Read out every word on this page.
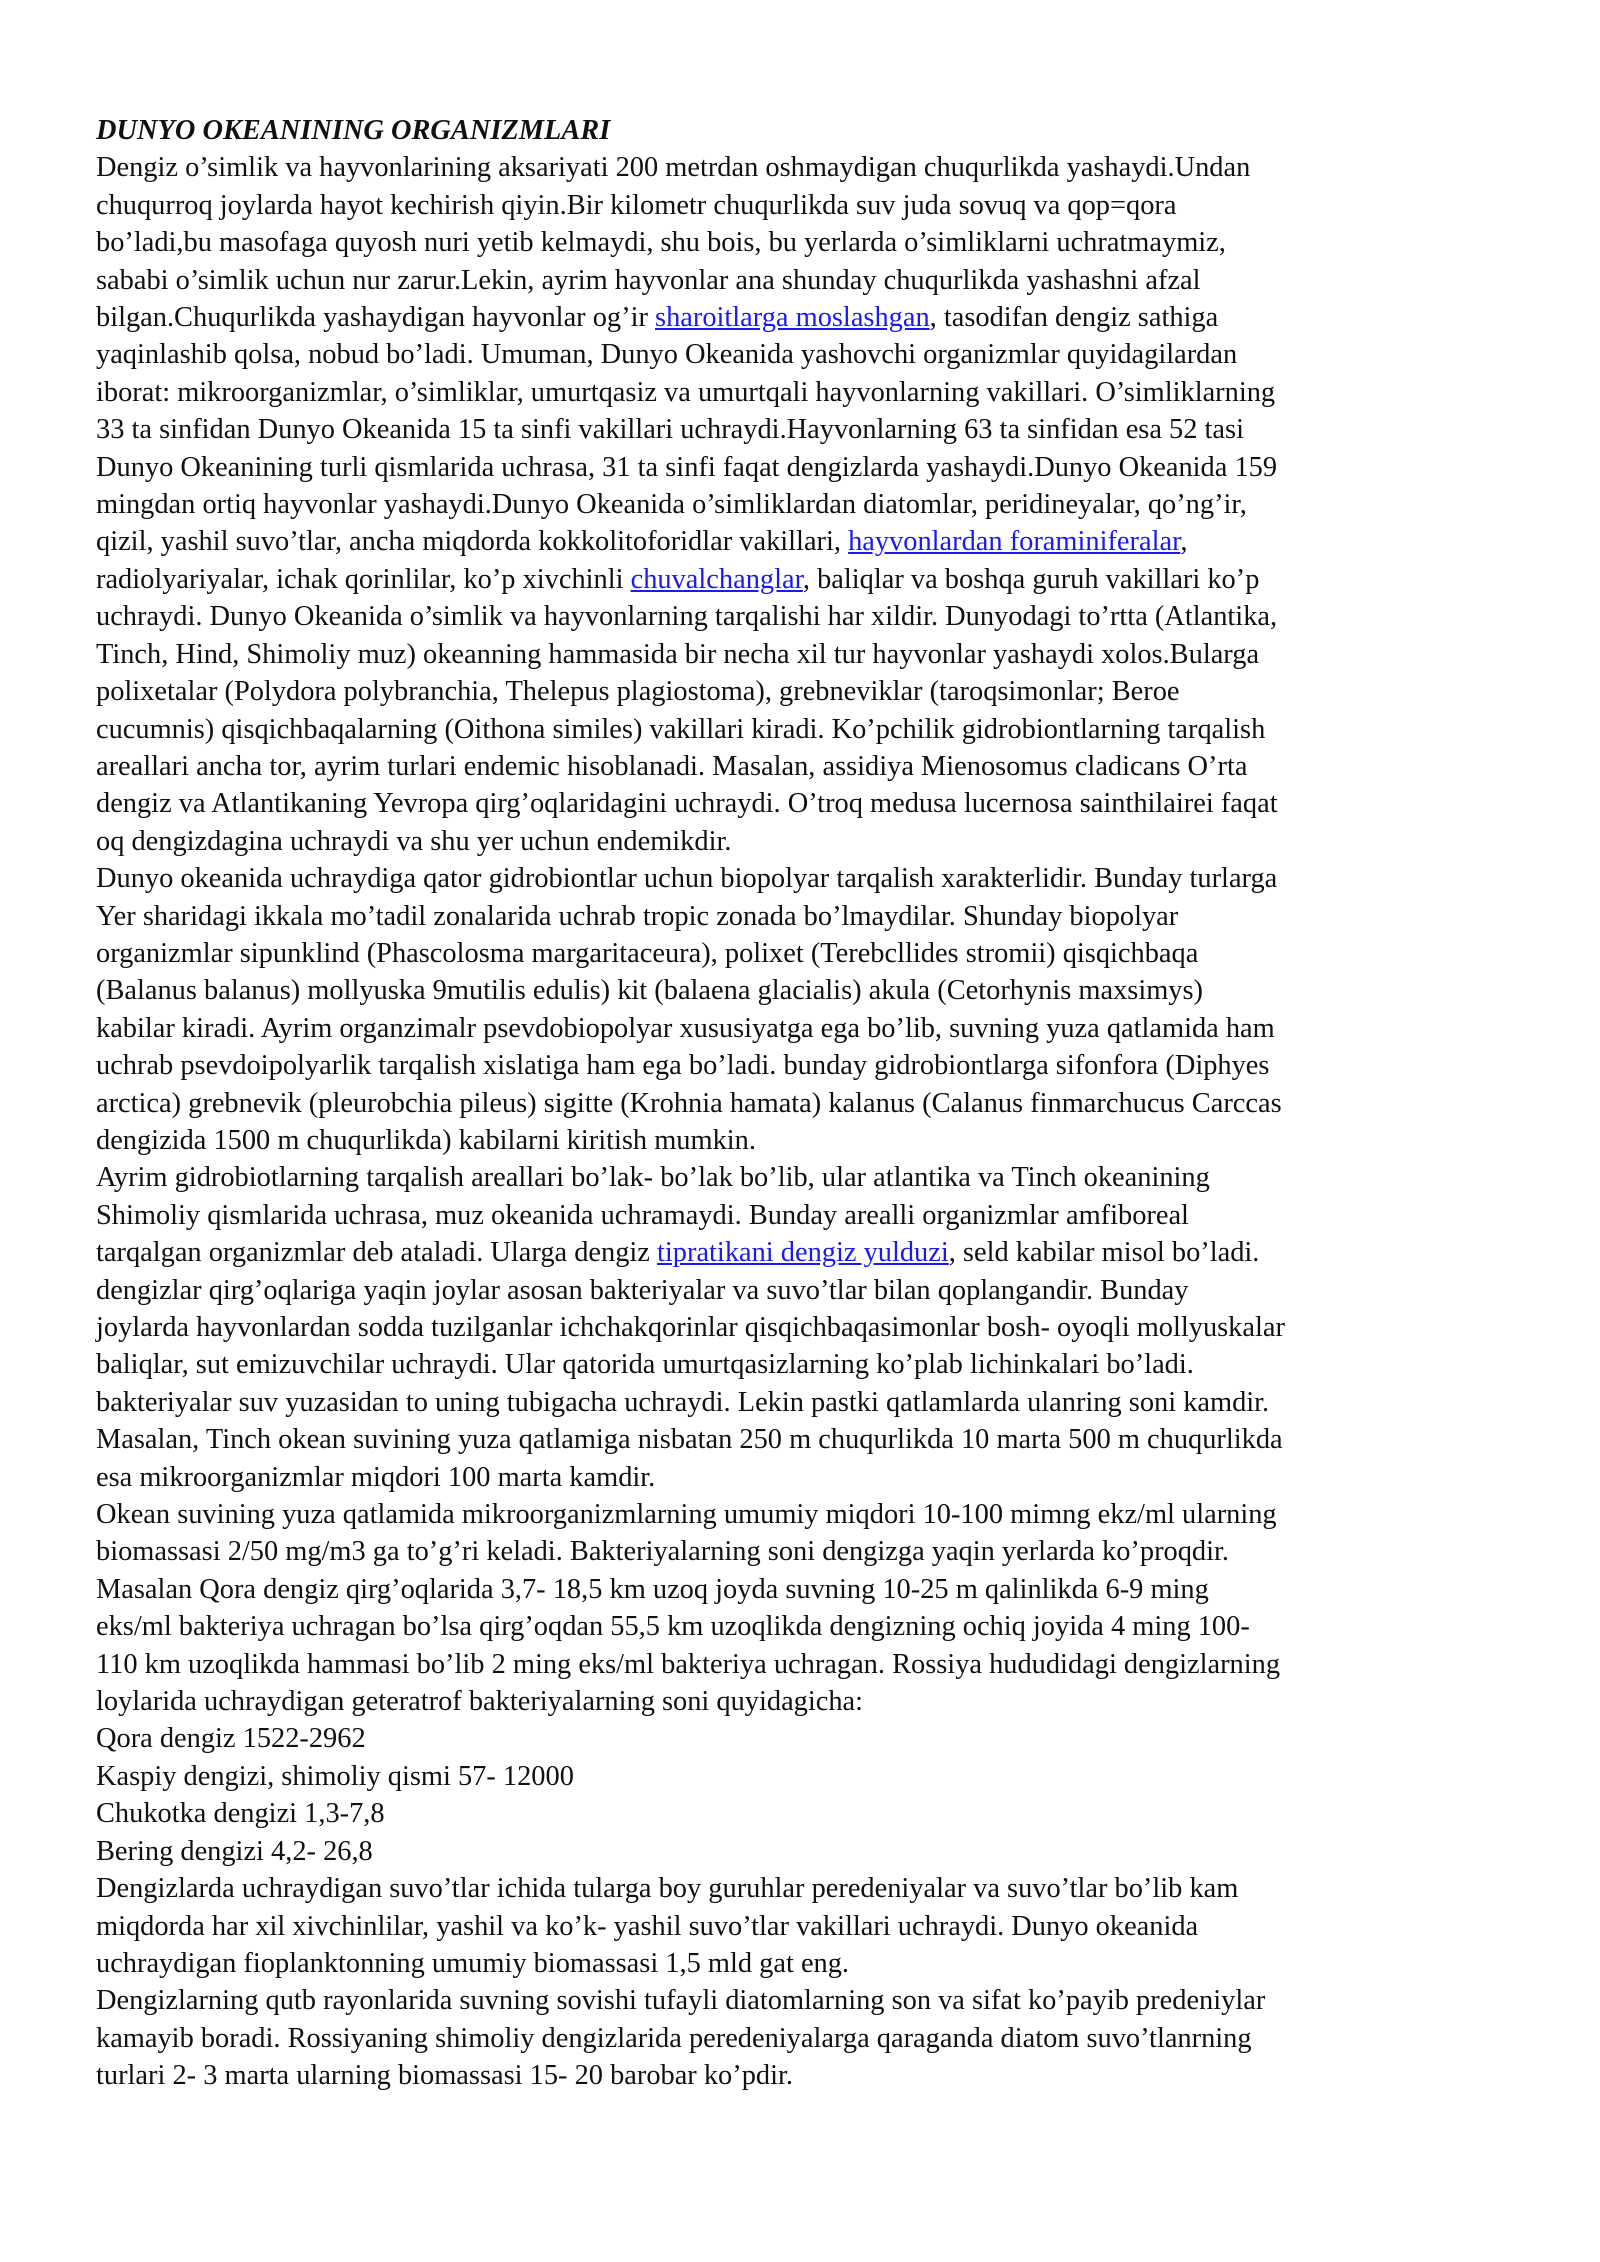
DUNYO OKEANINING ORGANIZMLARI

Dengiz o’simlik va hayvonlarining aksariyati 200 metrdan oshmaydigan chuqurlikda yashaydi.Undan
chuqurroq joylarda hayot kechirish qiyin.Bir kilometr chuqurlikda suv juda sovuq va qop=qora
bo’ladi,bu masofaga quyosh nuri yetib kelmaydi, shu bois, bu yerlarda o’simliklarni uchratmaymiz,
sababi o’simlik uchun nur zarur.Lekin, ayrim hayvonlar ana shunday chuqurlikda yashashni afzal
bilgan.Chuqurlikda yashaydigan hayvonlar og’ir sharoitlarga moslashgan, tasodifan dengiz sathiga
yaqinlashib qolsa, nobud bo’ladi. Umuman, Dunyo Okeanida yashovchi organizmlar quyidagilardan
iborat: mikroorganizmlar, o’simliklar, umurtqasiz va umurtqali hayvonlarning vakillari. O’simliklarning
33 ta sinfidan Dunyo Okeanida 15 ta sinfi vakillari uchraydi.Hayvonlarning 63 ta sinfidan esa 52 tasi
Dunyo Okeanining turli qismlarida uchrasa, 31 ta sinfi faqat dengizlarda yashaydi.Dunyo Okeanida 159
mingdan ortiq hayvonlar yashaydi.Dunyo Okeanida o’simliklardan diatomlar, peridineyalar, qo’ng’ir,
qizil, yashil suvo’tlar, ancha miqdorda kokkolitoforidlar vakillari, hayvonlardan foraminiferalar,
radiolyariyalar, ichak qorinlilar, ko’p xivchinli chuvalchanglar, baliqlar va boshqa guruh vakillari ko’p
uchraydi. Dunyo Okeanida o’simlik va hayvonlarning tarqalishi har xildir. Dunyodagi to’rtta (Atlantika,
Tinch, Hind, Shimoliy muz) okeanning hammasida bir necha xil tur hayvonlar yashaydi xolos.Bularga
polixetalar (Polydora polybranchia, Thelepus plagiostoma), grebneviklar (taroqsimonlar; Beroe
cucumnis) qisqichbaqalarning (Oithona similes) vakillari kiradi. Ko’pchilik gidrobiontlarning tarqalish
areallari ancha tor, ayrim turlari endemic hisoblanadi. Masalan, assidiya Mienosomus cladicans O’rta
dengiz va Atlantikaning Yevropa qirg’oqlaridagini uchraydi. O’troq medusa lucernosa sainthilairei faqat
oq dengizdagina uchraydi va shu yer uchun endemikdir.

Dunyo okeanida uchraydiga qator gidrobiontlar uchun biopolyar tarqalish xarakterlidir. Bunday turlarga
Yer sharidagi ikkala mo’tadil zonalarida uchrab tropic zonada bo’lmaydilar. Shunday biopolyar
organizmlar sipunklind (Phascolosma margaritaceura), polixet (Terebcllides stromii) qisqichbaqa
(Balanus balanus) mollyuska 9mutilis edulis) kit (balaena glacialis) akula (Cetorhynis maxsimys)
kabilar kiradi. Ayrim organzimalr psevdobiopolyar xususiyatga ega bo’lib, suvning yuza qatlamida ham
uchrab psevdoipolyarlik tarqalish xislatiga ham ega bo’ladi. bunday gidrobiontlarga sifonfora (Diphyes
arctica) grebnevik (pleurobchia pileus) sigitte (Krohnia hamata) kalanus (Calanus finmarchucus Carccas
dengizida 1500 m chuqurlikda) kabilarni kiritish mumkin.

Ayrim gidrobiotlarning tarqalish areallari bo’lak- bo’lak bo’lib, ular atlantika va Tinch okeanining
Shimoliy qismlarida uchrasa, muz okeanida uchramaydi. Bunday arealli organizmlar amfiboreal
tarqalgan organizmlar deb ataladi. Ularga dengiz tipratikani dengiz yulduzi, seld kabilar misol bo’ladi.
dengizlar qirg’oqlariga yaqin joylar asosan bakteriyalar va suvo’tlar bilan qoplangandir. Bunday
joylarda hayvonlardan sodda tuzilganlar ichchakqorinlar qisqichbaqasimonlar bosh- oyoqli mollyuskalar
baliqlar, sut emizuvchilar uchraydi. Ular qatorida umurtqasizlarning ko’plab lichinkalari bo’ladi.
bakteriyalar suv yuzasidan to uning tubigacha uchraydi. Lekin pastki qatlamlarda ulanring soni kamdir.
Masalan, Tinch okean suvining yuza qatlamiga nisbatan 250 m chuqurlikda 10 marta 500 m chuqurlikda
esa mikroorganizmlar miqdori 100 marta kamdir.

Okean suvining yuza qatlamida mikroorganizmlarning umumiy miqdori 10-100 mimng ekz/ml ularning
biomassasi 2/50 mg/m3 ga to’g’ri keladi. Bakteriyalarning soni dengizga yaqin yerlarda ko’proqdir.
Masalan Qora dengiz qirg’oqlarida 3,7- 18,5 km uzoq joyda suvning 10-25 m qalinlikda 6-9 ming
eks/ml bakteriya uchragan bo’lsa qirg’oqdan 55,5 km uzoqlikda dengizning ochiq joyida 4 ming 100-
110 km uzoqlikda hammasi bo’lib 2 ming eks/ml bakteriya uchragan. Rossiya hududidagi dengizlarning
loylarida uchraydigan geteratrof bakteriyalarning soni quyidagicha:

Qora dengiz 1522-2962

Kaspiy dengizi, shimoliy qismi 57- 12000

Chukotka dengizi 1,3-7,8

Bering dengizi 4,2- 26,8

Dengizlarda uchraydigan suvo’tlar ichida tularga boy guruhlar peredeniyalar va suvo’tlar bo’lib kam
miqdorda har xil xivchinlilar, yashil va ko’k- yashil suvo’tlar vakillari uchraydi. Dunyo okeanida
uchraydigan fioplanktonning umumiy biomassasi 1,5 mld gat eng.

Dengizlarning qutb rayonlarida suvning sovishi tufayli diatomlarning son va sifat ko’payib predeniylar
kamayib boradi. Rossiyaning shimoliy dengizlarida peredeniyalarga qaraganda diatom suvo’tlanrning
turlari 2- 3 marta ularning biomassasi 15- 20 barobar ko’pdir.
